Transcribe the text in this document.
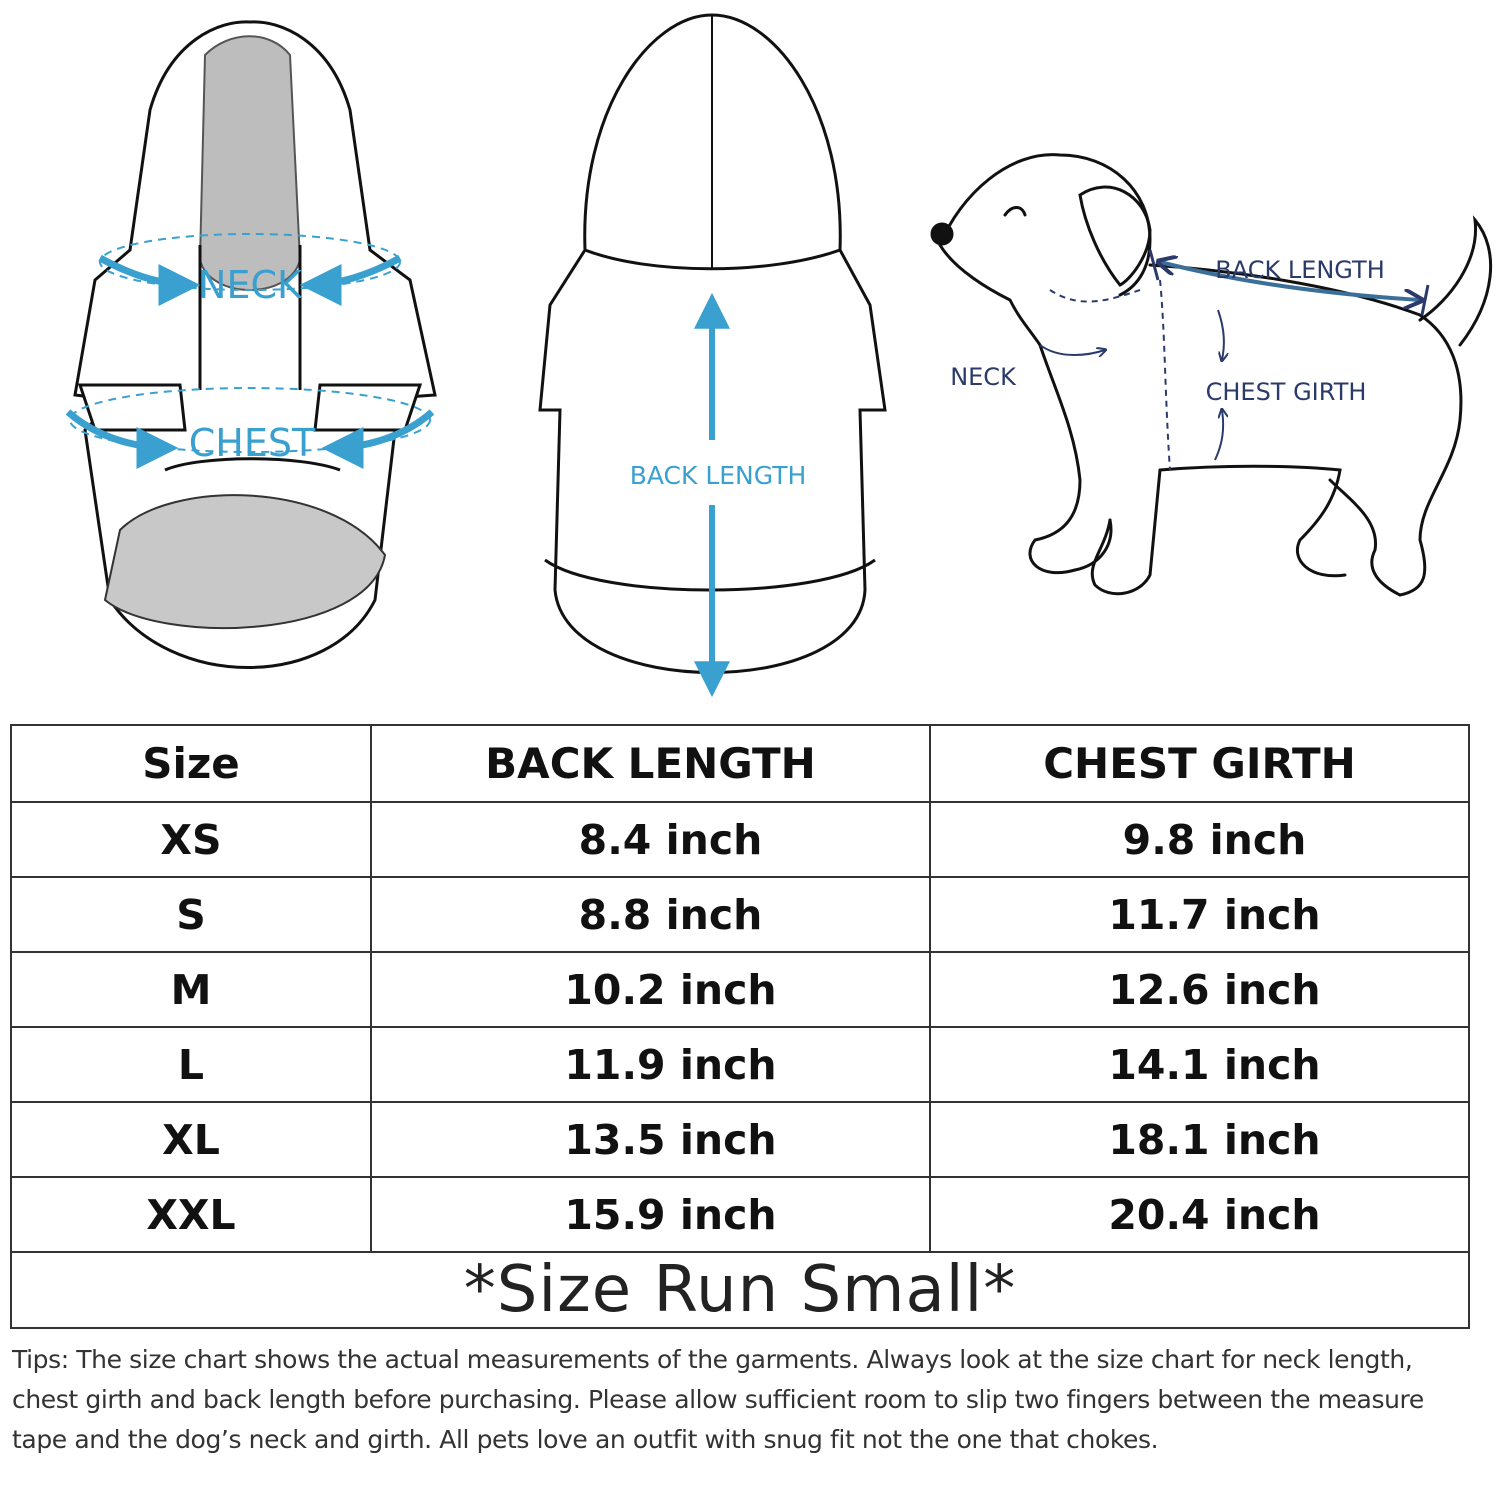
NECK
CHEST
BACK LENGTH
BACK LENGTH
NECK
CHEST GIRTH
Size	BACK LENGTH	CHEST GIRTH
XS	8.4 inch	9.8 inch
S	8.8 inch	11.7 inch
M	10.2 inch	12.6 inch
L	11.9 inch	14.1 inch
XL	13.5 inch	18.1 inch
XXL	15.9 inch	20.4 inch
*Size Run Small*		
Tips: The size chart shows the actual measurements of the garments. Always look at the size chart for neck length, chest girth and back length before purchasing. Please allow sufficient room to slip two fingers between the measure tape and the dog’s neck and girth. All pets love an outfit with snug fit not the one that chokes.
